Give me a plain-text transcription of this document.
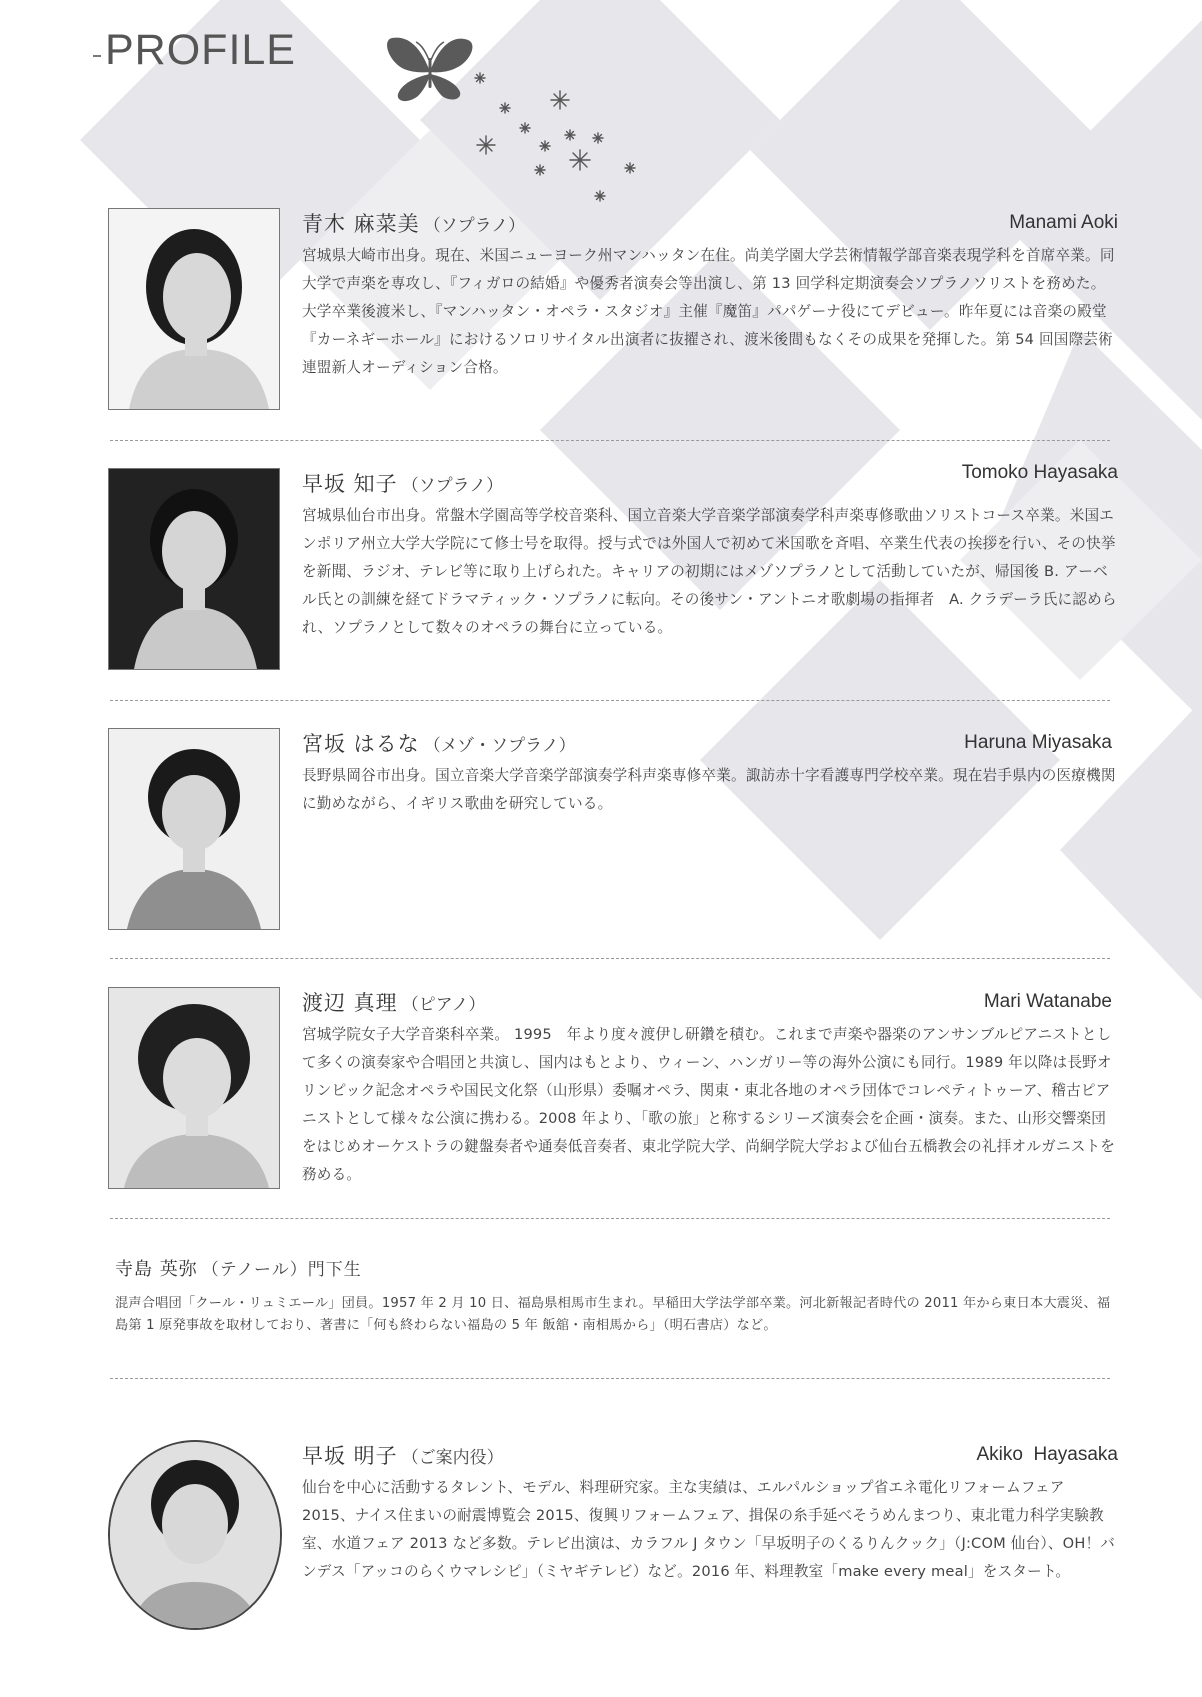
PROFILE
青木 麻菜美 （ソプラノ）	Manami Aoki

宮城県大崎市出身。現在、米国ニューヨーク州マンハッタン在住。尚美学園大学芸術情報学部音楽表現学科を首席卒業。同大学で声楽を専攻し、『フィガロの結婚』や優秀者演奏会等出演し、第 13 回学科定期演奏会ソプラノソリストを務めた。大学卒業後渡米し、『マンハッタン・オペラ・スタジオ』主催『魔笛』パパゲーナ役にてデビュー。昨年夏には音楽の殿堂『カーネギーホール』におけるソロリサイタル出演者に抜擢され、渡米後間もなくその成果を発揮した。第 54 回国際芸術連盟新人オーディション合格。

早坂 知子 （ソプラノ）
Tomoko Hayasaka

宮城県仙台市出身。常盤木学園高等学校音楽科、国立音楽大学音楽学部演奏学科声楽専修歌曲ソリストコース卒業。米国エンポリア州立大学大学院にて修士号を取得。授与式では外国人で初めて米国歌を斉唱、卒業生代表の挨拶を行い、その快挙を新聞、ラジオ、テレビ等に取り上げられた。キャリアの初期にはメゾソプラノとして活動していたが、帰国後 B. アーベル氏との訓練を経てドラマティック・ソプラノに転向。その後サン・アントニオ歌劇場の指揮者　A. クラデーラ氏に認められ、ソプラノとして数々のオペラの舞台に立っている。

宮坂 はるな （メゾ・ソプラノ）	Haruna Miyasaka

長野県岡谷市出身。国立音楽大学音楽学部演奏学科声楽専修卒業。諏訪赤十字看護専門学校卒業。現在岩手県内の医療機関に勤めながら、イギリス歌曲を研究している。

渡辺 真理 （ピアノ）	Mari Watanabe

宮城学院女子大学音楽科卒業。 1995　年より度々渡伊し研鑽を積む。これまで声楽や器楽のアンサンブルピアニストとして多くの演奏家や合唱団と共演し、国内はもとより、ウィーン、ハンガリー等の海外公演にも同行。1989 年以降は長野オリンピック記念オペラや国民文化祭（山形県）委嘱オペラ、関東・東北各地のオペラ団体でコレペティトゥーア、稽古ピアニストとして様々な公演に携わる。2008 年より、「歌の旅」と称するシリーズ演奏会を企画・演奏。また、山形交響楽団をはじめオーケストラの鍵盤奏者や通奏低音奏者、東北学院大学、尚絅学院大学および仙台五橋教会の礼拝オルガニストを務める。

寺島 英弥 （テノール）門下生

混声合唱団「クール・リュミエール」団員。1957 年 2 月 10 日、福島県相馬市生まれ。早稲田大学法学部卒業。河北新報記者時代の 2011 年から東日本大震災、福島第 1 原発事故を取材しており、著書に「何も終わらない福島の 5 年 飯舘・南相馬から」（明石書店）など。

早坂 明子 （ご案内役）	Akiko  Hayasaka

仙台を中心に活動するタレント、モデル、料理研究家。主な実績は、エルパルショップ省エネ電化リフォームフェア 2015、ナイス住まいの耐震博覧会 2015、復興リフォームフェア、揖保の糸手延べそうめんまつり、東北電力科学実験教室、水道フェア 2013 など多数。テレビ出演は、カラフル J タウン「早坂明子のくるりんクック」（J:COM 仙台）、OH！バンデス「アッコのらくウマレシピ」（ミヤギテレビ）など。2016 年、料理教室「make every meal」をスタート。
